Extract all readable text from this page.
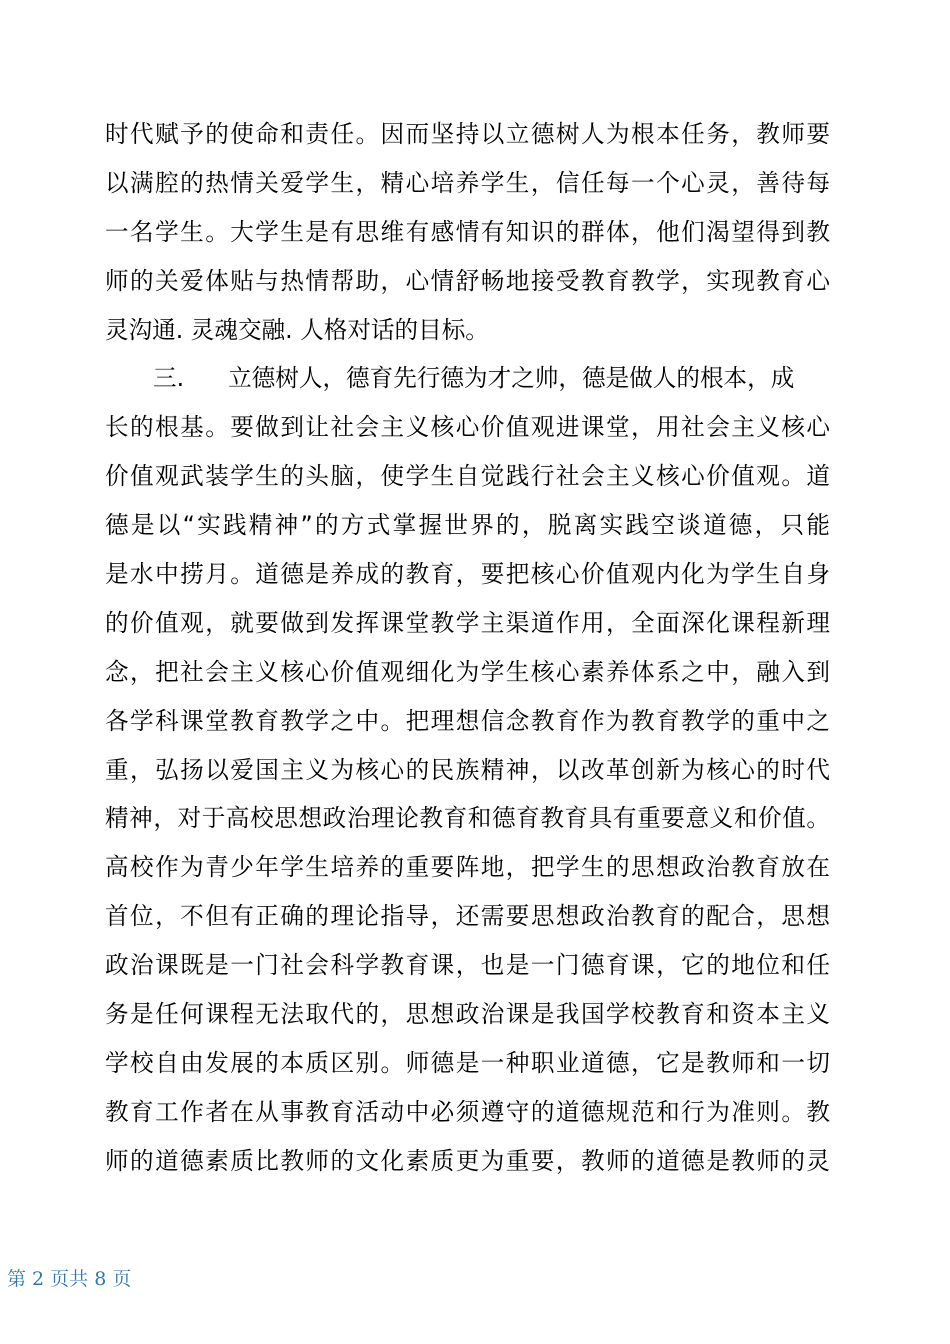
时代赋予的使命和责任。因而坚持以立德树人为根本任务，教师要
以满腔的热情关爱学生，精心培养学生，信任每一个心灵，善待每
一名学生。大学生是有思维有感情有知识的群体，他们渴望得到教
师的关爱体贴与热情帮助，心情舒畅地接受教育教学，实现教育心
灵沟通. 灵魂交融. 人格对话的目标。
三. 立德树人，德育先行德为才之帅，德是做人的根本，成
长的根基。要做到让社会主义核心价值观进课堂，用社会主义核心
价值观武装学生的头脑，使学生自觉践行社会主义核心价值观。道
德是以“实践精神”的方式掌握世界的，脱离实践空谈道德，只能
是水中捞月。道德是养成的教育，要把核心价值观内化为学生自身
的价值观，就要做到发挥课堂教学主渠道作用，全面深化课程新理
念，把社会主义核心价值观细化为学生核心素养体系之中，融入到
各学科课堂教育教学之中。把理想信念教育作为教育教学的重中之
重，弘扬以爱国主义为核心的民族精神，以改革创新为核心的时代
精神，对于高校思想政治理论教育和德育教育具有重要意义和价值。
高校作为青少年学生培养的重要阵地，把学生的思想政治教育放在
首位，不但有正确的理论指导，还需要思想政治教育的配合，思想
政治课既是一门社会科学教育课，也是一门德育课，它的地位和任
务是任何课程无法取代的，思想政治课是我国学校教育和资本主义
学校自由发展的本质区别。师德是一种职业道德，它是教师和一切
教育工作者在从事教育活动中必须遵守的道德规范和行为准则。教
师的道德素质比教师的文化素质更为重要，教师的道德是教师的灵
第 2 页共 8 页
